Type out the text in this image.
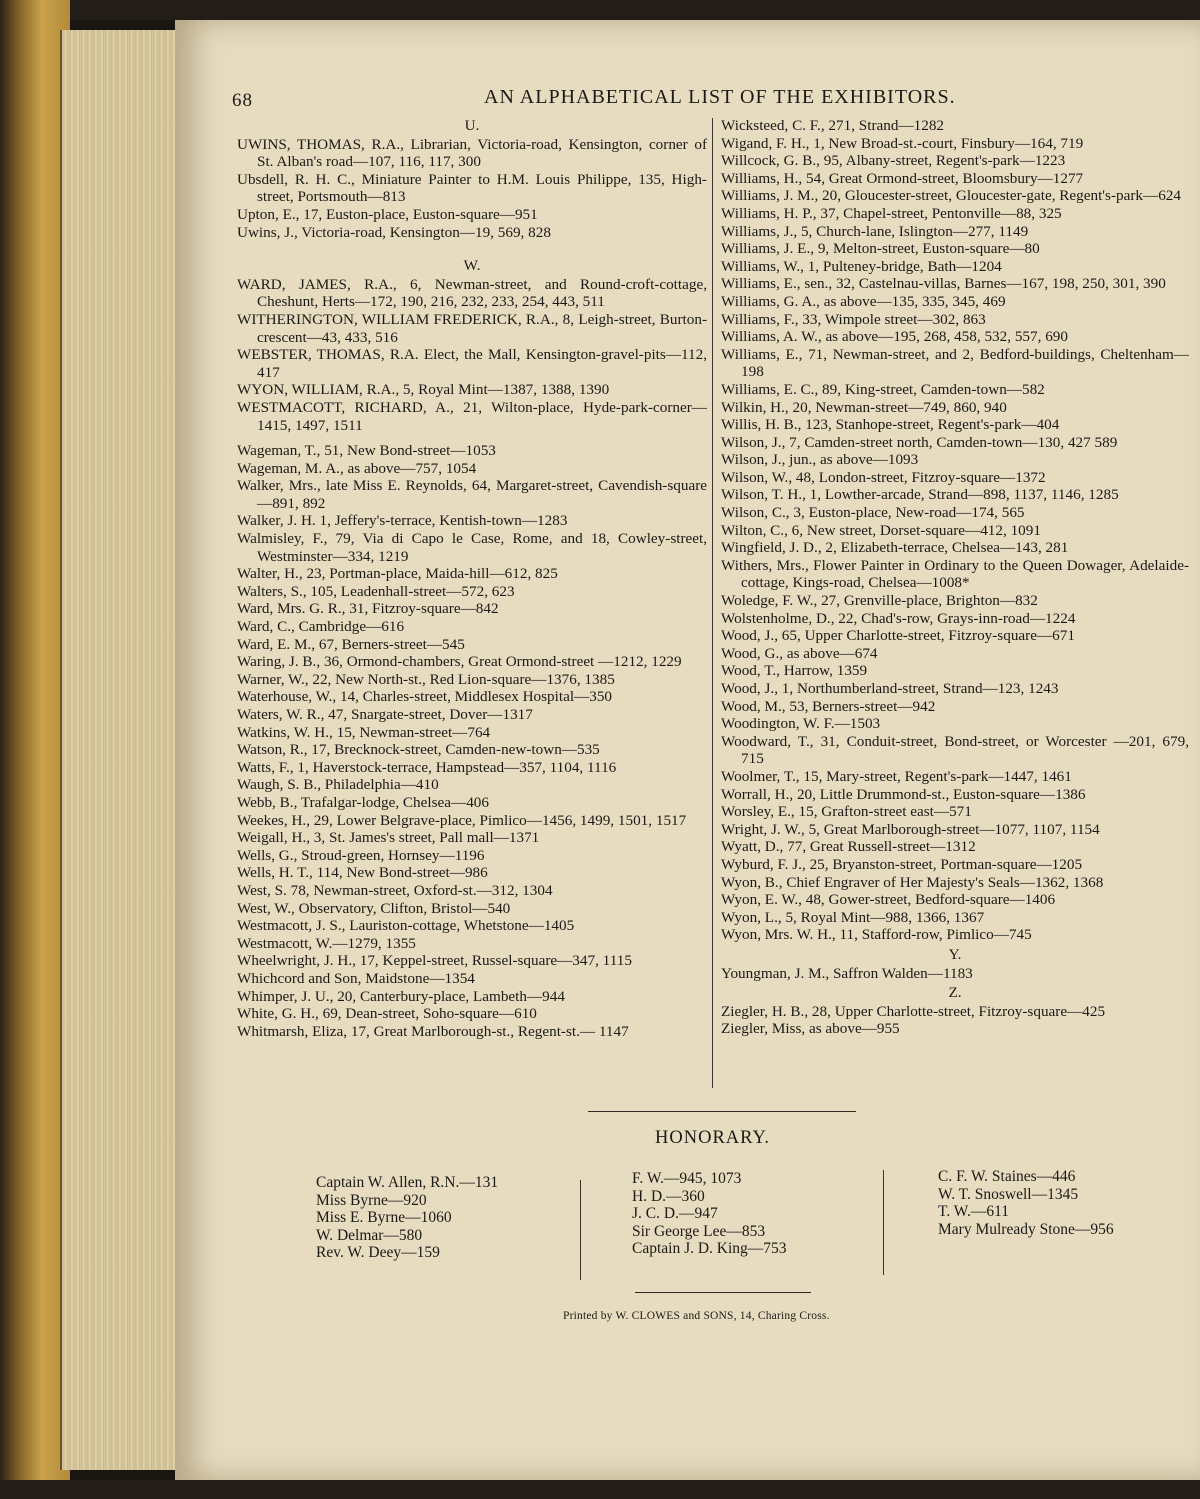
68	AN ALPHABETICAL LIST OF THE EXHIBITORS.
U.
UWINS, THOMAS, R.A., Librarian, Victoria-road, Kensington, corner of St. Alban's road—107, 116, 117, 300
Ubsdell, R. H. C., Miniature Painter to H.M. Louis Philippe, 135, High-street, Portsmouth—813
Upton, E., 17, Euston-place, Euston-square—951
Uwins, J., Victoria-road, Kensington—19, 569, 828
W.
WARD, JAMES, R.A., 6, Newman-street, and Round-croft-cottage, Cheshunt, Herts—172, 190, 216, 232, 233, 254, 443, 511
WITHERINGTON, WILLIAM FREDERICK, R.A., 8, Leigh-street, Burton-crescent—43, 433, 516
WEBSTER, THOMAS, R.A. Elect, the Mall, Kensington-gravel-pits—112, 417
WYON, WILLIAM, R.A., 5, Royal Mint—1387, 1388, 1390
WESTMACOTT, RICHARD, A., 21, Wilton-place, Hyde-park-corner—1415, 1497, 1511
Wageman, T., 51, New Bond-street—1053
Wageman, M. A., as above—757, 1054
Walker, Mrs., late Miss E. Reynolds, 64, Margaret-street, Cavendish-square—891, 892
Walker, J. H. 1, Jeffery's-terrace, Kentish-town—1283
Walmisley, F., 79, Via di Capo le Case, Rome, and 18, Cowley-street, Westminster—334, 1219
Walter, H., 23, Portman-place, Maida-hill—612, 825
Walters, S., 105, Leadenhall-street—572, 623
Ward, Mrs. G. R., 31, Fitzroy-square—842
Ward, C., Cambridge—616
Ward, E. M., 67, Berners-street—545
Waring, J. B., 36, Ormond-chambers, Great Ormond-street —1212, 1229
Warner, W., 22, New North-st., Red Lion-square—1376, 1385
Waterhouse, W., 14, Charles-street, Middlesex Hospital—350
Waters, W. R., 47, Snargate-street, Dover—1317
Watkins, W. H., 15, Newman-street—764
Watson, R., 17, Brecknock-street, Camden-new-town—535
Watts, F., 1, Haverstock-terrace, Hampstead—357, 1104, 1116
Waugh, S. B., Philadelphia—410
Webb, B., Trafalgar-lodge, Chelsea—406
Weekes, H., 29, Lower Belgrave-place, Pimlico—1456, 1499, 1501, 1517
Weigall, H., 3, St. James's street, Pall mall—1371
Wells, G., Stroud-green, Hornsey—1196
Wells, H. T., 114, New Bond-street—986
West, S. 78, Newman-street, Oxford-st.—312, 1304
West, W., Observatory, Clifton, Bristol—540
Westmacott, J. S., Lauriston-cottage, Whetstone—1405
Westmacott, W.—1279, 1355
Wheelwright, J. H., 17, Keppel-street, Russel-square—347, 1115
Whichcord and Son, Maidstone—1354
Whimper, J. U., 20, Canterbury-place, Lambeth—944
White, G. H., 69, Dean-street, Soho-square—610
Whitmarsh, Eliza, 17, Great Marlborough-st., Regent-st.— 1147
Wicksteed, C. F., 271, Strand—1282
Wigand, F. H., 1, New Broad-st.-court, Finsbury—164, 719
Willcock, G. B., 95, Albany-street, Regent's-park—1223
Williams, H., 54, Great Ormond-street, Bloomsbury—1277
Williams, J. M., 20, Gloucester-street, Gloucester-gate, Regent's-park—624
Williams, H. P., 37, Chapel-street, Pentonville—88, 325
Williams, J., 5, Church-lane, Islington—277, 1149
Williams, J. E., 9, Melton-street, Euston-square—80
Williams, W., 1, Pulteney-bridge, Bath—1204
Williams, E., sen., 32, Castelnau-villas, Barnes—167, 198, 250, 301, 390
Williams, G. A., as above—135, 335, 345, 469
Williams, F., 33, Wimpole street—302, 863
Williams, A. W., as above—195, 268, 458, 532, 557, 690
Williams, E., 71, Newman-street, and 2, Bedford-buildings, Cheltenham—198
Williams, E. C., 89, King-street, Camden-town—582
Wilkin, H., 20, Newman-street—749, 860, 940
Willis, H. B., 123, Stanhope-street, Regent's-park—404
Wilson, J., 7, Camden-street north, Camden-town—130, 427 589
Wilson, J., jun., as above—1093
Wilson, W., 48, London-street, Fitzroy-square—1372
Wilson, T. H., 1, Lowther-arcade, Strand—898, 1137, 1146, 1285
Wilson, C., 3, Euston-place, New-road—174, 565
Wilton, C., 6, New street, Dorset-square—412, 1091
Wingfield, J. D., 2, Elizabeth-terrace, Chelsea—143, 281
Withers, Mrs., Flower Painter in Ordinary to the Queen Dowager, Adelaide-cottage, Kings-road, Chelsea—1008*
Woledge, F. W., 27, Grenville-place, Brighton—832
Wolstenholme, D., 22, Chad's-row, Grays-inn-road—1224
Wood, J., 65, Upper Charlotte-street, Fitzroy-square—671
Wood, G., as above—674
Wood, T., Harrow, 1359
Wood, J., 1, Northumberland-street, Strand—123, 1243
Wood, M., 53, Berners-street—942
Woodington, W. F.—1503
Woodward, T., 31, Conduit-street, Bond-street, or Worcester —201, 679, 715
Woolmer, T., 15, Mary-street, Regent's-park—1447, 1461
Worrall, H., 20, Little Drummond-st., Euston-square—1386
Worsley, E., 15, Grafton-street east—571
Wright, J. W., 5, Great Marlborough-street—1077, 1107, 1154
Wyatt, D., 77, Great Russell-street—1312
Wyburd, F. J., 25, Bryanston-street, Portman-square—1205
Wyon, B., Chief Engraver of Her Majesty's Seals—1362, 1368
Wyon, E. W., 48, Gower-street, Bedford-square—1406
Wyon, L., 5, Royal Mint—988, 1366, 1367
Wyon, Mrs. W. H., 11, Stafford-row, Pimlico—745
Y.
Youngman, J. M., Saffron Walden—1183
Z.
Ziegler, H. B., 28, Upper Charlotte-street, Fitzroy-square—425
Ziegler, Miss, as above—955
HONORARY.
Captain W. Allen, R.N.—131
Miss Byrne—920
Miss E. Byrne—1060
W. Delmar—580
Rev. W. Deey—159
F. W.—945, 1073
H. D.—360
J. C. D.—947
Sir George Lee—853
Captain J. D. King—753
C. F. W. Staines—446
W. T. Snoswell—1345
T. W.—611
Mary Mulready Stone—956
Printed by W. CLOWES and SONS, 14, Charing Cross.
